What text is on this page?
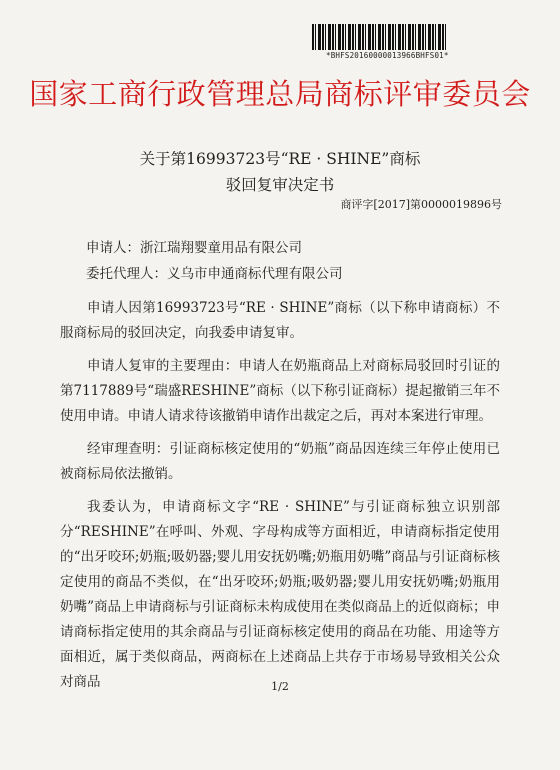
*BHFS20160000013966BHFS01*
国家工商行政管理总局商标评审委员会
关于第16993723号“RE · SHINE”商标
驳回复审决定书
商评字[2017]第0000019896号
申请人：浙江瑞翔婴童用品有限公司
委托代理人：义乌市申通商标代理有限公司

申请人因第16993723号“RE · SHINE”商标（以下称申请商标）不服商标局的驳回决定，向我委申请复审。

申请人复审的主要理由：申请人在奶瓶商品上对商标局驳回时引证的第7117889号“瑞盛RESHINE”商标（以下称引证商标）提起撤销三年不使用申请。申请人请求待该撤销申请作出裁定之后，再对本案进行审理。

经审理查明：引证商标核定使用的“奶瓶”商品因连续三年停止使用已被商标局依法撤销。

我委认为，申请商标文字“RE · SHINE”与引证商标独立识别部分“RESHINE”在呼叫、外观、字母构成等方面相近，申请商标指定使用的“出牙咬环;奶瓶;吸奶器;婴儿用安抚奶嘴;奶瓶用奶嘴”商品与引证商标核定使用的商品不类似，在“出牙咬环;奶瓶;吸奶器;婴儿用安抚奶嘴;奶瓶用奶嘴”商品上申请商标与引证商标未构成使用在类似商品上的近似商标；申请商标指定使用的其余商品与引证商标核定使用的商品在功能、用途等方面相近，属于类似商品，两商标在上述商品上共存于市场易导致相关公众对商品	1/2
